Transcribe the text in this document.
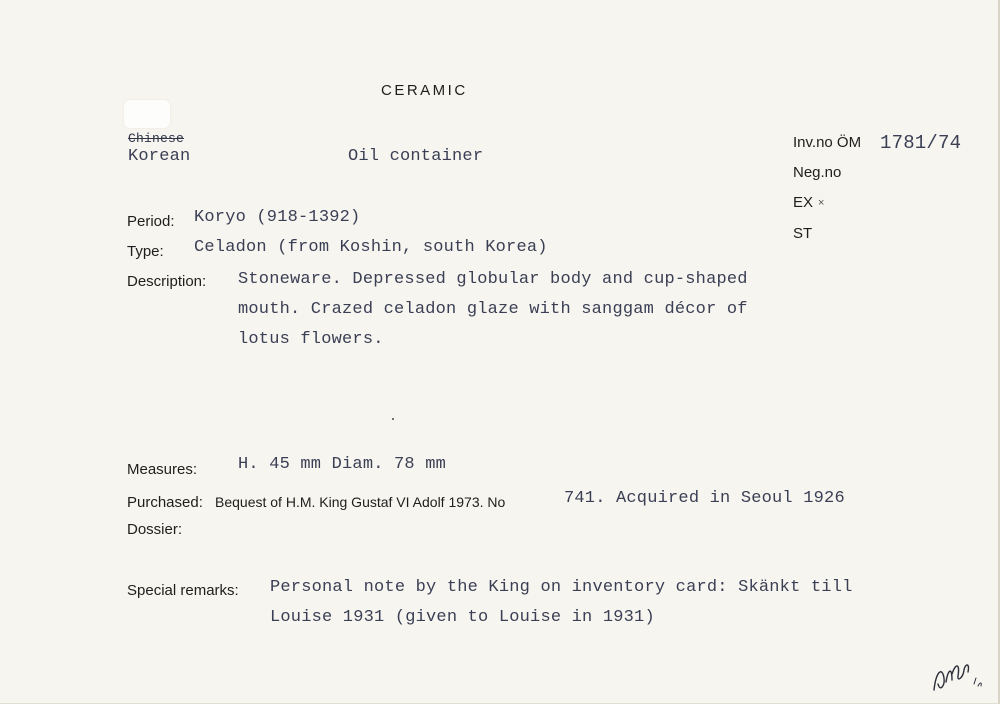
CERAMIC
Chinese
Korean	Oil container
Inv.no ÖM 1781/74
Neg.no
EX ×
ST
Period: Koryo (918-1392)
Type: Celadon (from Koshin, south Korea)
Description: Stoneware. Depressed globular body and cup-shaped
mouth. Crazed celadon glaze with sanggam décor of
lotus flowers.
Measures: H. 45 mm Diam. 78 mm
Purchased: Bequest of H.M. King Gustaf VI Adolf 1973. No	741. Acquired in Seoul 1926
Dossier:
Special remarks: Personal note by the King on inventory card: Skänkt till
Louise 1931 (given to Louise in 1931)
